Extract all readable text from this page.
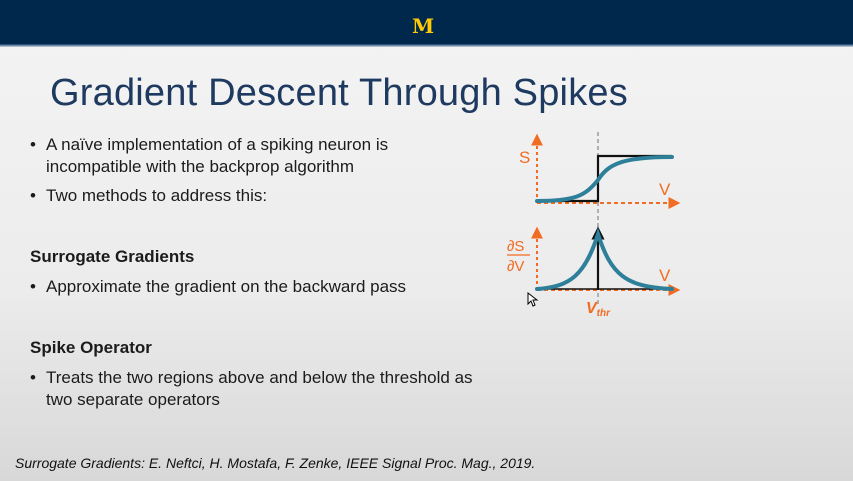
M
Gradient Descent Through Spikes
• A naïve implementation of a spiking neuron is incompatible with the backprop algorithm
• Two methods to address this:
Surrogate Gradients
• Approximate the gradient on the backward pass
Spike Operator
• Treats the two regions above and below the threshold as two separate operators
Surrogate Gradients: E. Neftci, H. Mostafa, F. Zenke, IEEE Signal Proc. Mag., 2019.
S
V
∂S
∂V	V
Vthr
